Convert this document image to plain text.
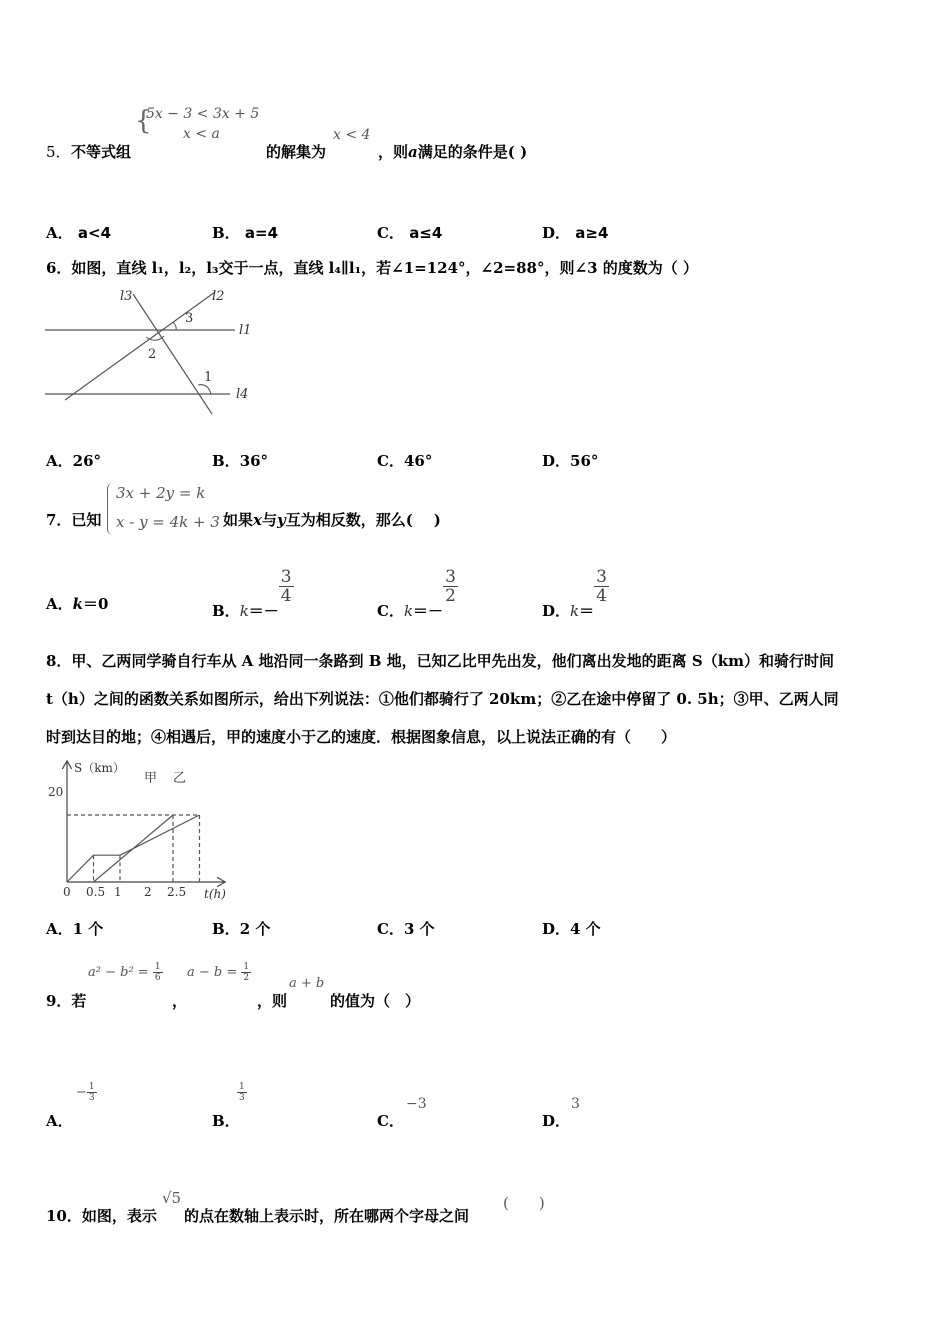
{
5x − 3 < 3x + 5
x < a	x < 4
5． 不等式组	的解集为	，则a满足的条件是( )
A． a<4	B． a=4	C． a≤4	D． a≥4
6．如图，直线 l₁，l₂，l₃交于一点，直线 l₄∥l₁，若∠1=124°，∠2=88°，则∠3 的度数为（ ）
l3	l2
l1
l4
3
2
1
A．26°	B．36°	C．46°	D．56°
7．已知
3x + 2y = k
x - y = 4k + 3 如果x与y互为相反数，那么( )
A．k＝0	B．k＝－
$\frac{3}{4}$
C．k＝－
$\frac{3}{2}$
D．k＝
$\frac{3}{4}$
8．甲、乙两同学骑自行车从 A 地沿同一条路到 B 地，已知乙比甲先出发，他们离出发地的距离 S（km）和骑行时间
t（h）之间的函数关系如图所示，给出下列说法：①他们都骑行了 20km；②乙在途中停留了 0. 5h；③甲、乙两人同
时到达目的地；④相遇后，甲的速度小于乙的速度．根据图象信息，以上说法正确的有（　　）
S（km）
t(h)
甲 乙
20
0 0.5 1 2 2.5
A．1 个	B．2 个	C．3 个	D．4 个
$a^2 - b^2 = \frac{1}{6}$ $a - b = \frac{1}{2}$
a + b
9．若	，	，则	的值为（　）
A．
− $\frac{1}{3}$
B．
$\frac{1}{3}$
C．
−3
D．
3
10．如图，表示
√5
的点在数轴上表示时，所在哪两个字母之间
(　　)
